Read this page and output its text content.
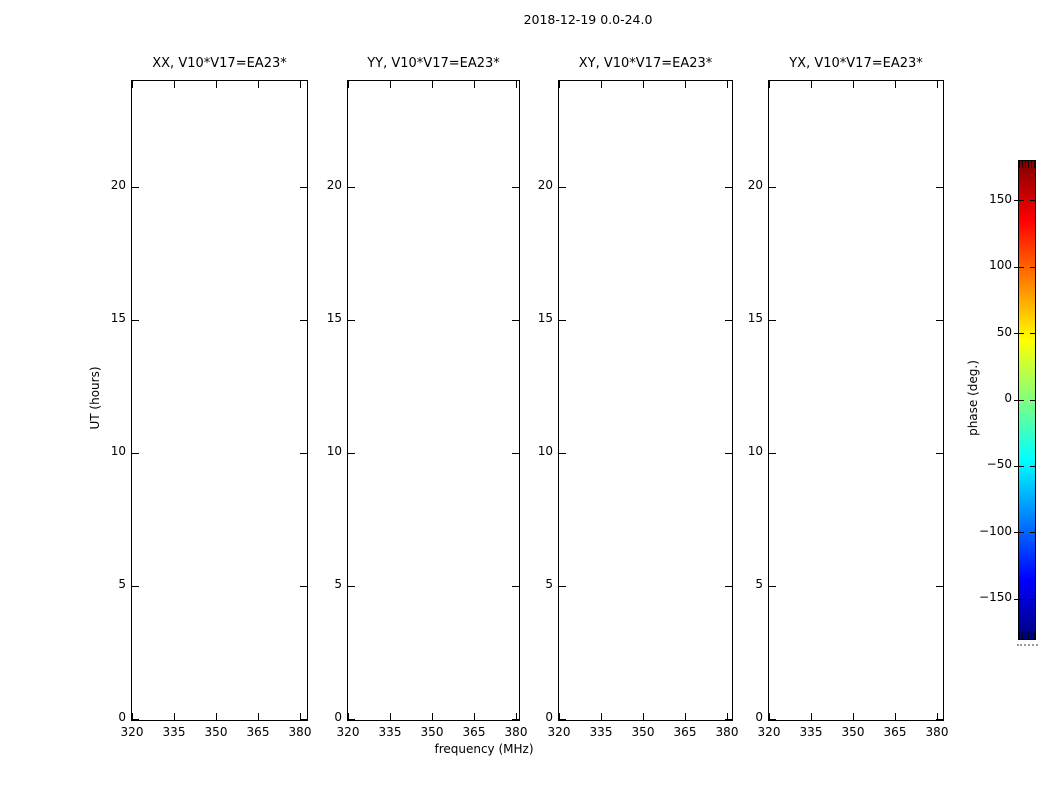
2018-12-19 0.0-24.0
XX, V10*V17=EA23*
320	335	350	365	380
0
5
10
15
20
YY, V10*V17=EA23*
320	335	350	365	380
0
5
10
15
20
XY, V10*V17=EA23*
320	335	350	365	380
0
5
10
15
20
YX, V10*V17=EA23*
320	335	350	365	380
0
5
10
15
20
frequency (MHz)
UT (hours)	phase (deg.)
150
100
50
0
−50
−100
−150
